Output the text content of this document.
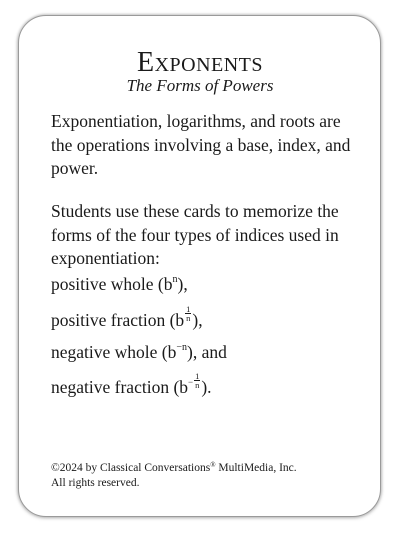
Exponents
The Forms of Powers
Exponentiation, logarithms, and roots are the operations involving a base, index, and power.
Students use these cards to memorize the forms of the four types of indices used in exponentiation:
positive whole $(b^n)$,
positive fraction ($b \frac{1}{n}$ ),
negative whole $(b^{-n})$, and
negative fraction ($b- \frac{1}{n}$ ).
©2024 by Classical Conversations® MultiMedia, Inc.
All rights reserved.
